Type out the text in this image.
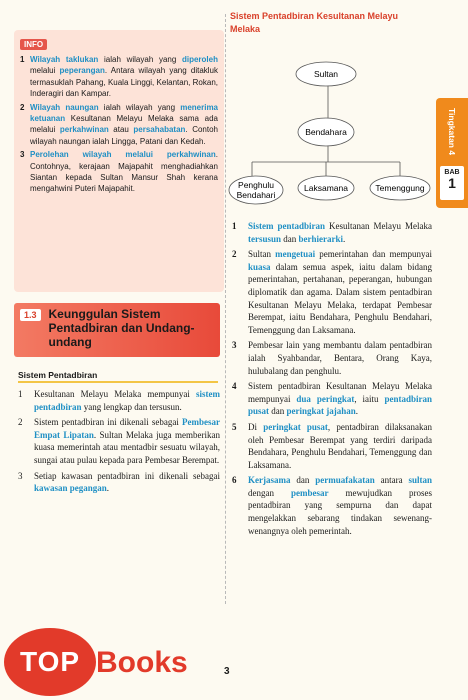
INFO
1 Wilayah taklukan ialah wilayah yang diperoleh melalui peperangan. Antara wilayah yang ditakluk termasuklah Pahang, Kuala Linggi, Kelantan, Rokan, Inderagiri dan Kampar.
2 Wilayah naungan ialah wilayah yang menerima ketuanan Kesultanan Melayu Melaka sama ada melalui perkahwinan atau persahabatan. Contoh wilayah naungan ialah Lingga, Patani dan Kedah.
3 Perolehan wilayah melalui perkahwinan. Contohnya, kerajaan Majapahit menghadiahkan Siantan kepada Sultan Mansur Shah kerana mengahwini Puteri Majapahit.
1.3	Keunggulan Sistem Pentadbiran dan Undang-undang
Sistem Pentadbiran
1	Kesultanan Melayu Melaka mempunyai sistem pentadbiran yang lengkap dan tersusun.
2	Sistem pentadbiran ini dikenali sebagai Pembesar Empat Lipatan. Sultan Melaka juga memberikan kuasa memerintah atau mentadbir sesuatu wilayah, sungai atau pulau kepada para Pembesar Berempat.
3	Setiap kawasan pentadbiran ini dikenali sebagai kawasan pegangan.
Sistem Pentadbiran Kesultanan Melayu Melaka
Sultan
Bendahara
Penghulu
Bendahari
Laksamana	Temenggung
1	Sistem pentadbiran Kesultanan Melayu Melaka tersusun dan berhierarki.
2	Sultan mengetuai pemerintahan dan mempunyai kuasa dalam semua aspek, iaitu dalam bidang pemerintahan, pertahanan, peperangan, hubungan diplomatik dan agama. Dalam sistem pentadbiran Kesultanan Melayu Melaka, terdapat Pembesar Berempat, iaitu Bendahara, Penghulu Bendahari, Temenggung dan Laksamana.
3	Pembesar lain yang membantu dalam pentadbiran ialah Syahbandar, Bentara, Orang Kaya, hulubalang dan penghulu.
4	Sistem pentadbiran Kesultanan Melayu Melaka mempunyai dua peringkat, iaitu pentadbiran pusat dan peringkat jajahan.
5	Di peringkat pusat, pentadbiran dilaksanakan oleh Pembesar Berempat yang terdiri daripada Bendahara, Penghulu Bendahari, Temenggung dan Laksamana.
6	Kerjasama dan permuafakatan antara sultan dengan pembesar mewujudkan proses pentadbiran yang sempurna dan dapat mengelakkan sebarang tindakan sewenang-wenangnya oleh pemerintah.
Tingkatan 4
BAB
1
TOP Books	3
